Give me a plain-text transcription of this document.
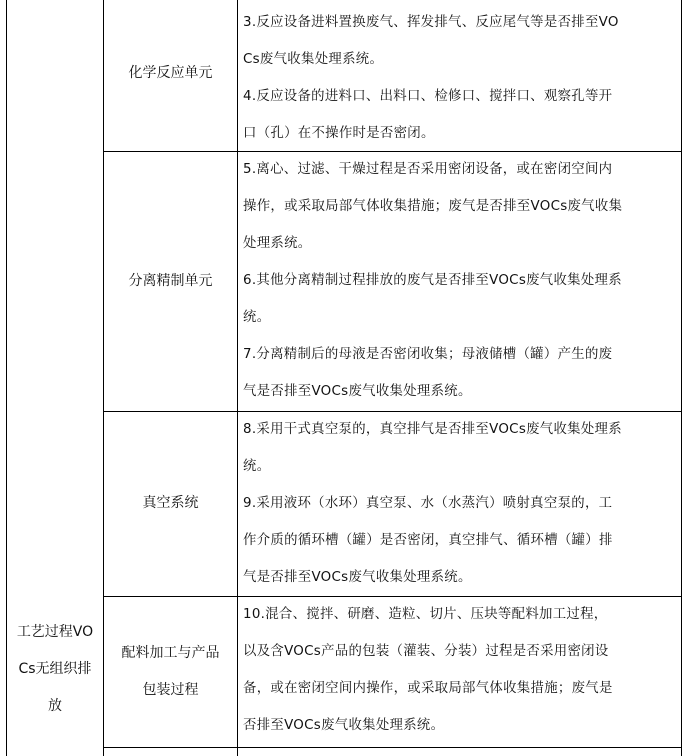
工艺过程VO
Cs无组织排
放
化学反应单元
3.反应设备进料置换废气、挥发排气、反应尾气等是否排至VO
Cs废气收集处理系统。
4.反应设备的进料口、出料口、检修口、搅拌口、观察孔等开
口（孔）在不操作时是否密闭。
分离精制单元
5.离心、过滤、干燥过程是否采用密闭设备，或在密闭空间内
操作，或采取局部气体收集措施；废气是否排至VOCs废气收集
处理系统。
6.其他分离精制过程排放的废气是否排至VOCs废气收集处理系
统。
7.分离精制后的母液是否密闭收集；母液储槽（罐）产生的废
气是否排至VOCs废气收集处理系统。
真空系统
8.采用干式真空泵的，真空排气是否排至VOCs废气收集处理系
统。
9.采用液环（水环）真空泵、水（水蒸汽）喷射真空泵的，工
作介质的循环槽（罐）是否密闭，真空排气、循环槽（罐）排
气是否排至VOCs废气收集处理系统。
配料加工与产品
包装过程
10.混合、搅拌、研磨、造粒、切片、压块等配料加工过程，
以及含VOCs产品的包装（灌装、分装）过程是否采用密闭设
备，或在密闭空间内操作，或采取局部气体收集措施；废气是
否排至VOCs废气收集处理系统。
